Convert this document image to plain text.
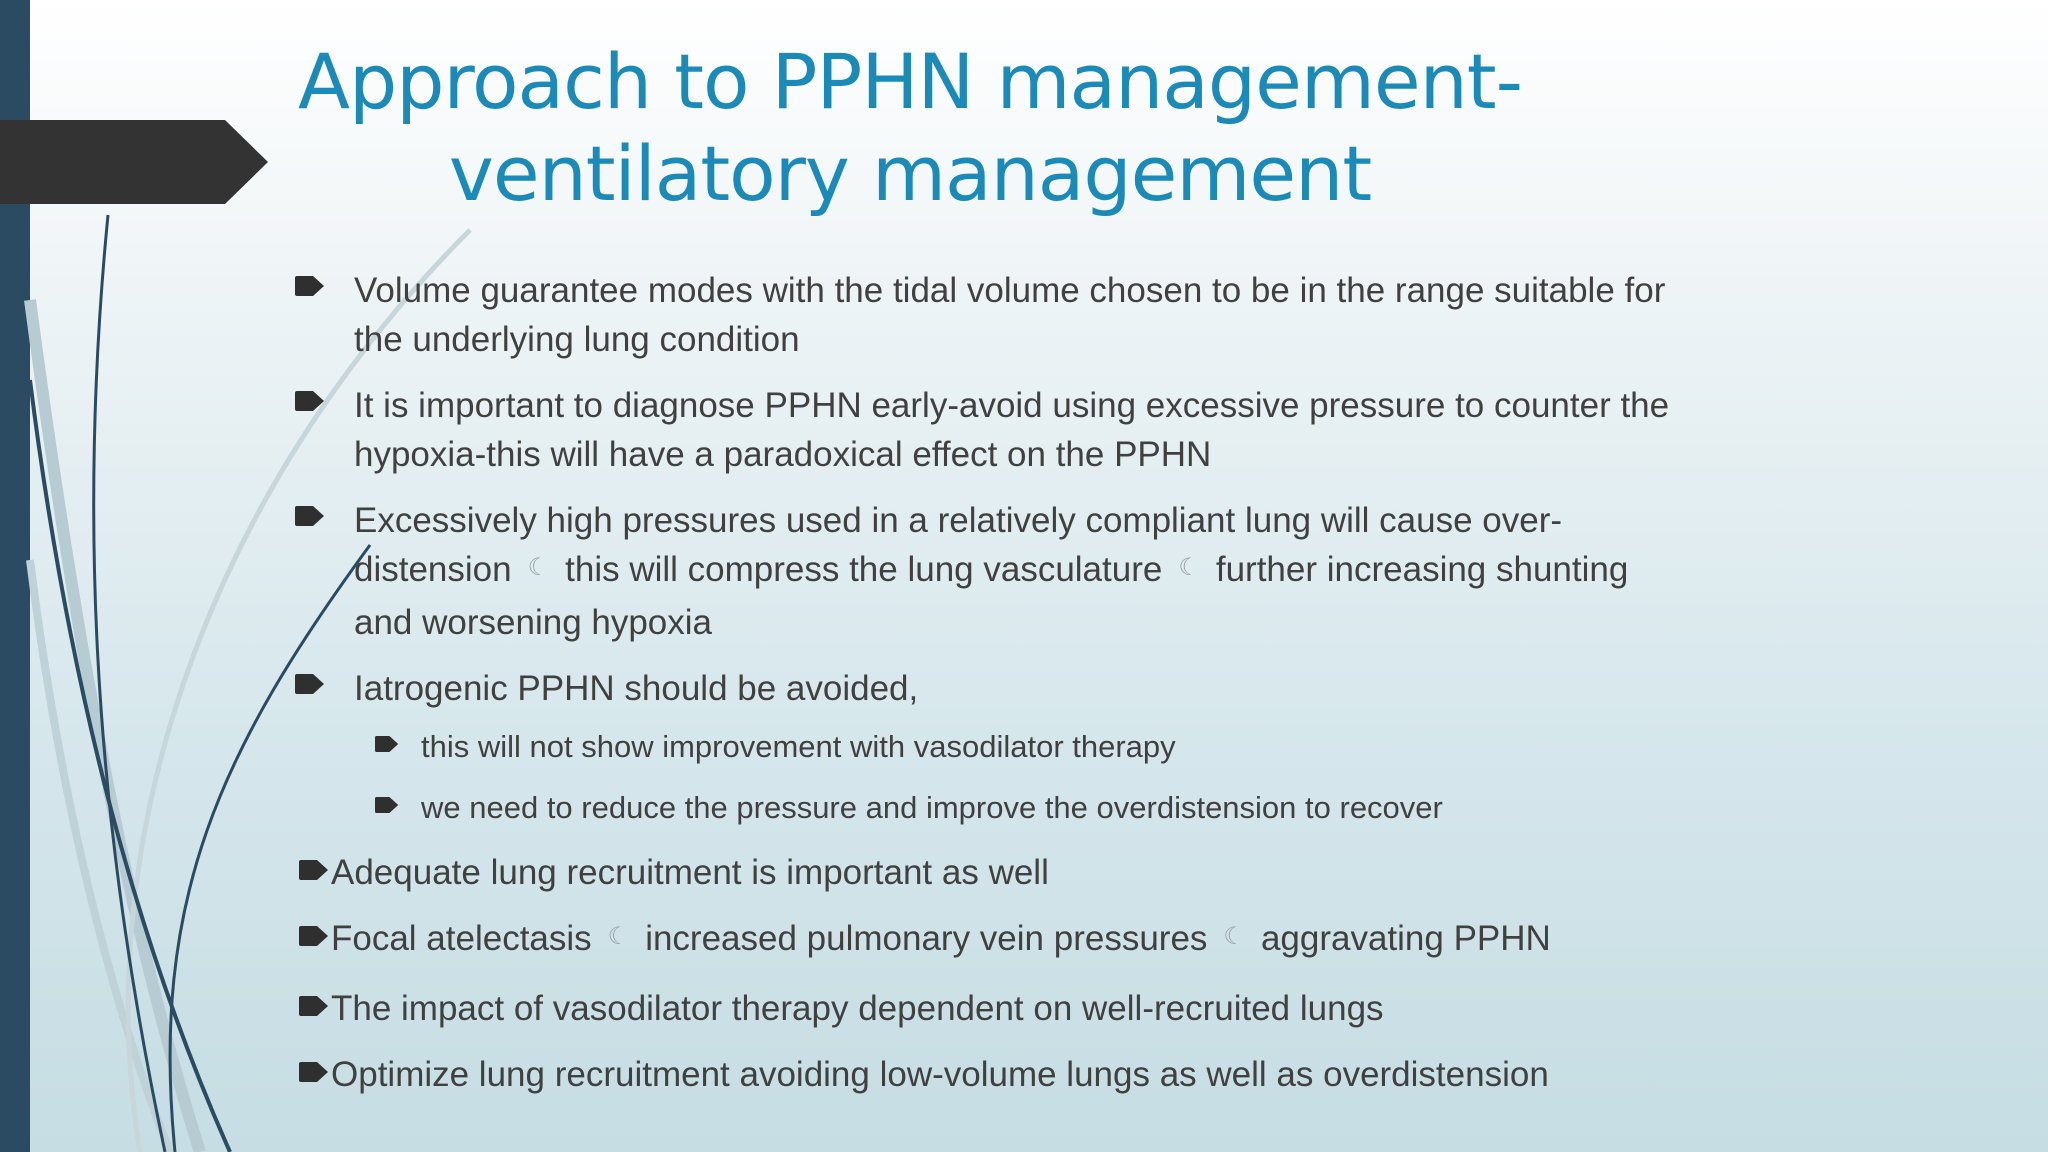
Approach to PPHN management-
ventilatory management
Volume guarantee modes with the tidal volume chosen to be in the range suitable for the underlying lung condition
It is important to diagnose PPHN early-avoid using excessive pressure to counter the hypoxia-this will have a paradoxical effect on the PPHN
Excessively high pressures used in a relatively compliant lung will cause over-distension ☾ this will compress the lung vasculature ☾ further increasing shunting and worsening hypoxia
Iatrogenic PPHN should be avoided,
this will not show improvement with vasodilator therapy
we need to reduce the pressure and improve the overdistension to recover
Adequate lung recruitment is important as well
Focal atelectasis ☾ increased pulmonary vein pressures ☾ aggravating PPHN
The impact of vasodilator therapy dependent on well-recruited lungs
Optimize lung recruitment avoiding low-volume lungs as well as overdistension
